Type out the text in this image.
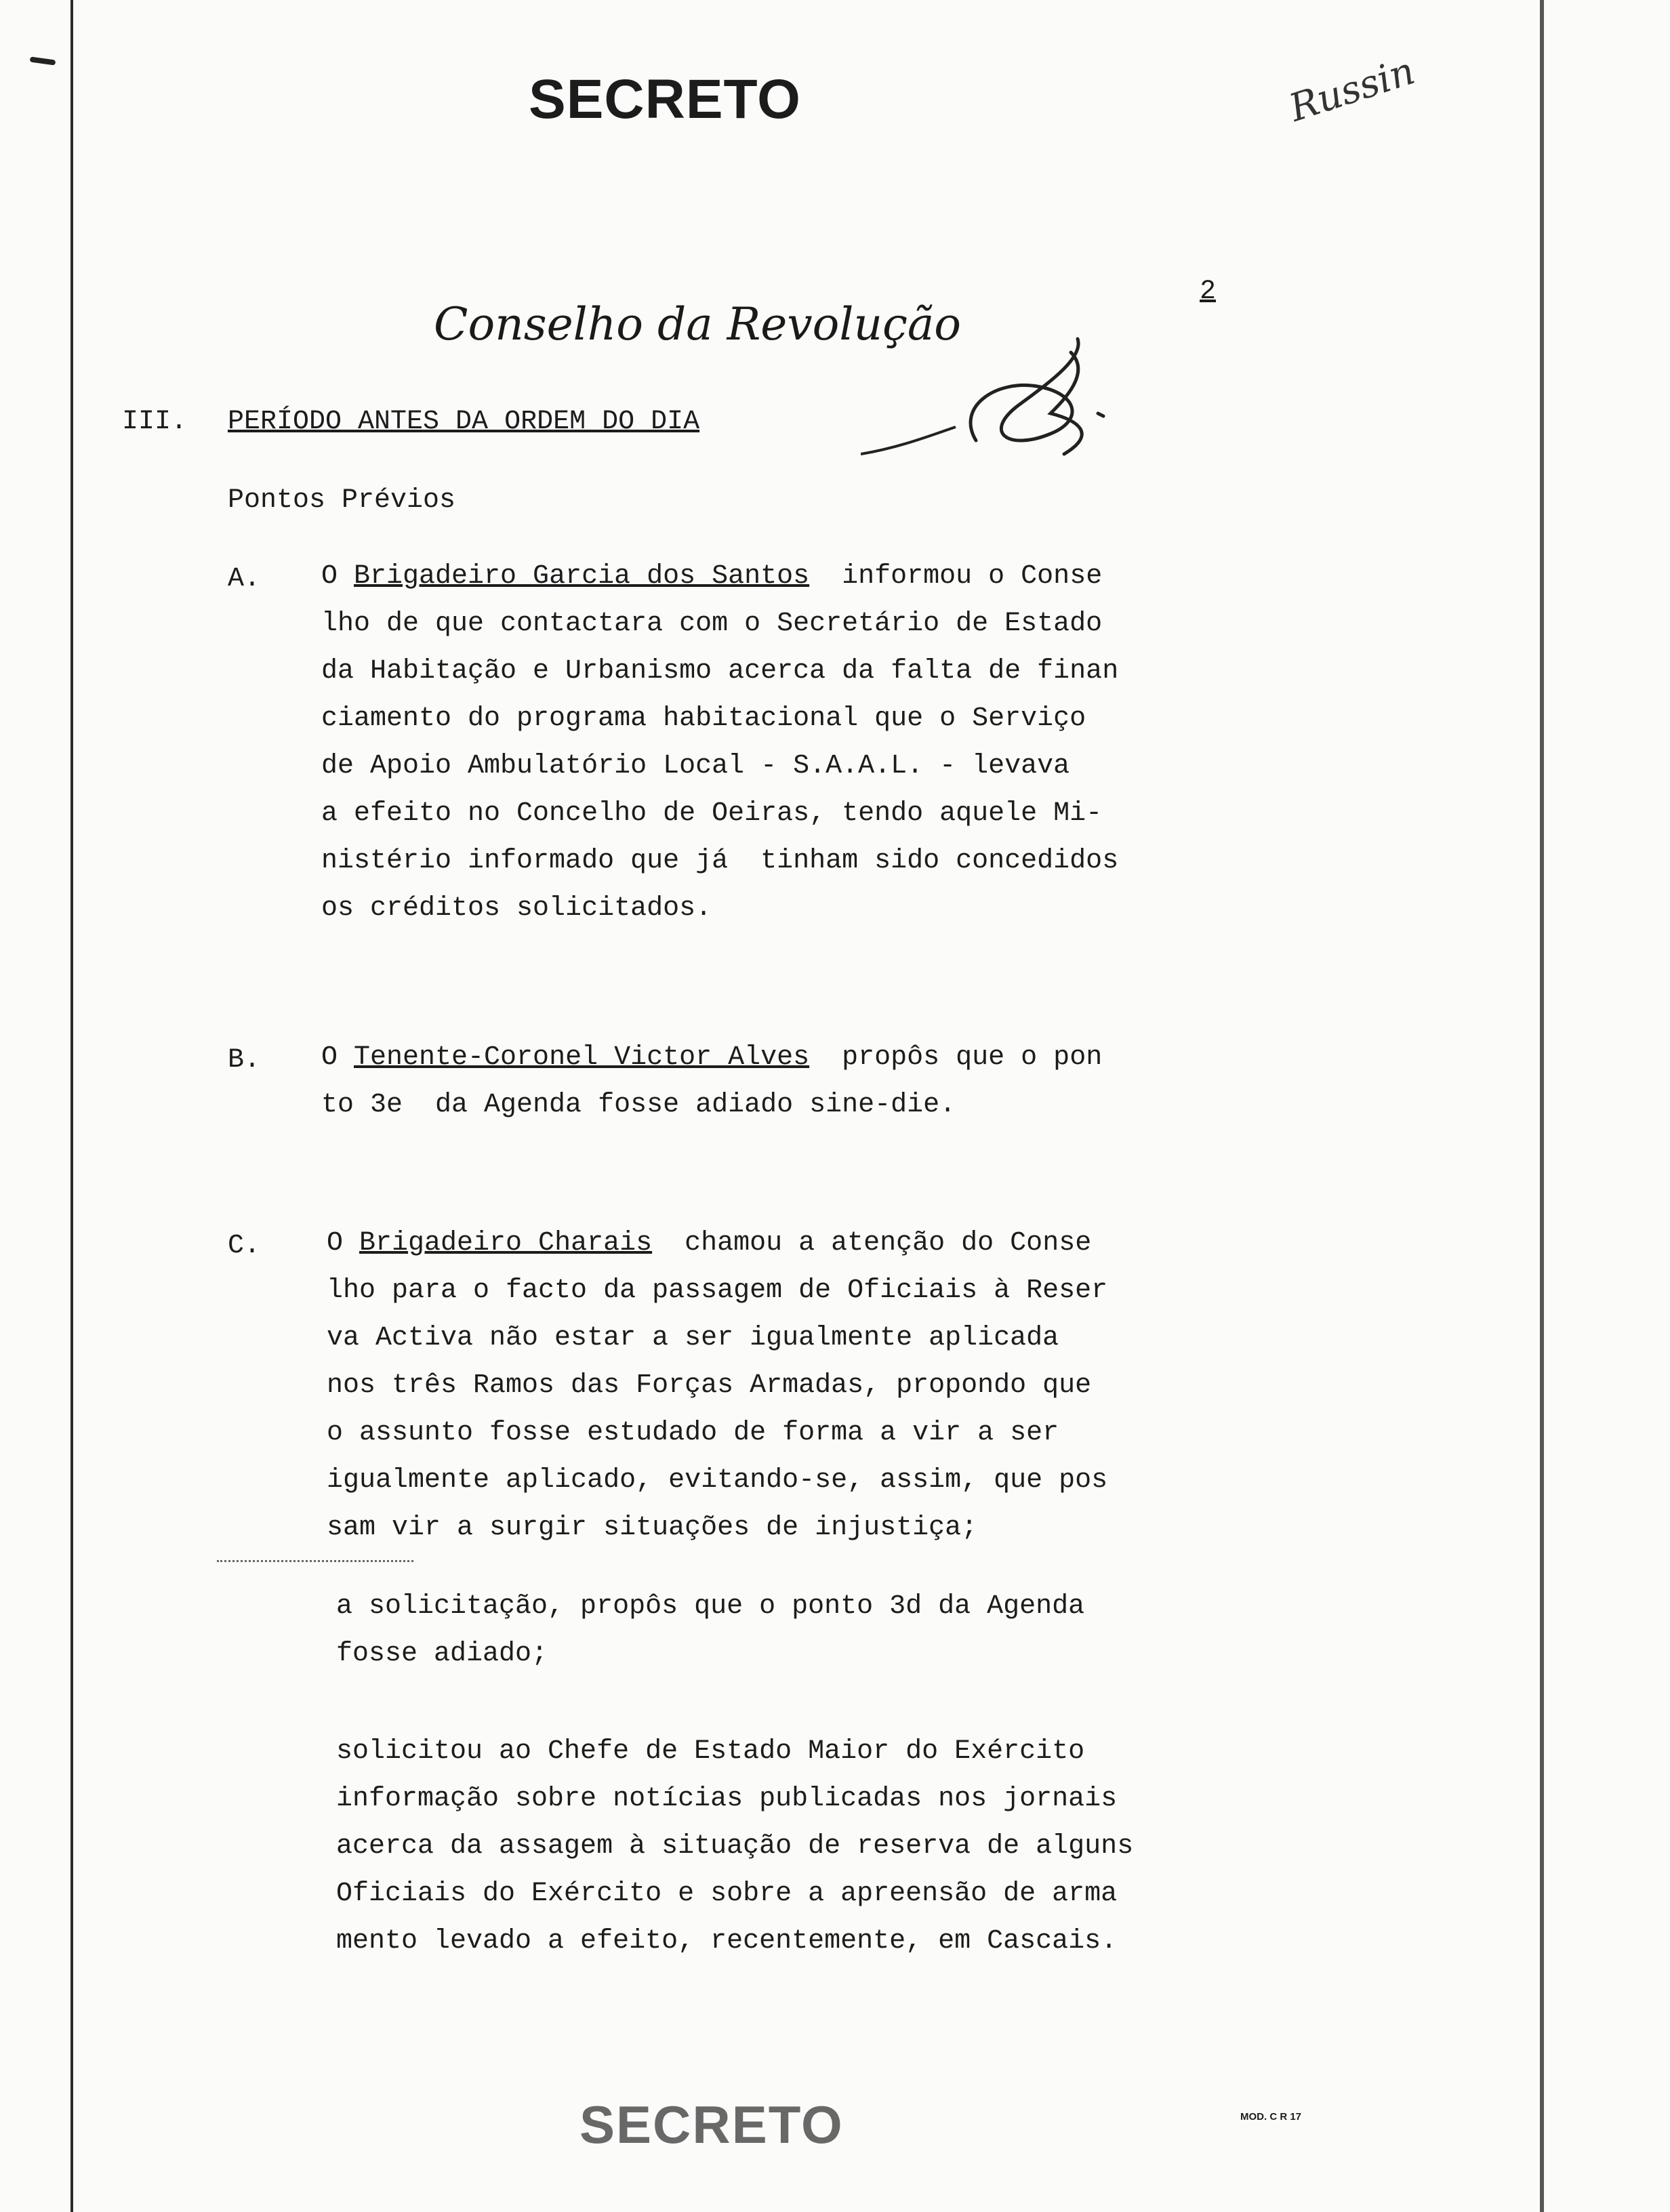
SECRETO	Russin
2
Conselho da Revolução
III. PERÍODO ANTES DA ORDEM DO DIA
Pontos Prévios
A. O Brigadeiro Garcia dos Santos  informou o Conse
lho de que contactara com o Secretário de Estado
da Habitação e Urbanismo acerca da falta de finan
ciamento do programa habitacional que o Serviço
de Apoio Ambulatório Local - S.A.A.L. - levava
a efeito no Concelho de Oeiras, tendo aquele Mi-
nistério informado que já  tinham sido concedidos
os créditos solicitados.
B. O Tenente-Coronel Victor Alves  propôs que o pon
to 3e  da Agenda fosse adiado sine-die.
C. O Brigadeiro Charais  chamou a atenção do Conse
lho para o facto da passagem de Oficiais à Reser
va Activa não estar a ser igualmente aplicada
nos três Ramos das Forças Armadas, propondo que
o assunto fosse estudado de forma a vir a ser
igualmente aplicado, evitando-se, assim, que pos
sam vir a surgir situações de injustiça;
a solicitação, propôs que o ponto 3d da Agenda
fosse adiado;
solicitou ao Chefe de Estado Maior do Exército
informação sobre notícias publicadas nos jornais
acerca da assagem à situação de reserva de alguns
Oficiais do Exército e sobre a apreensão de arma
mento levado a efeito, recentemente, em Cascais.
SECRETO	MOD. C R 17
